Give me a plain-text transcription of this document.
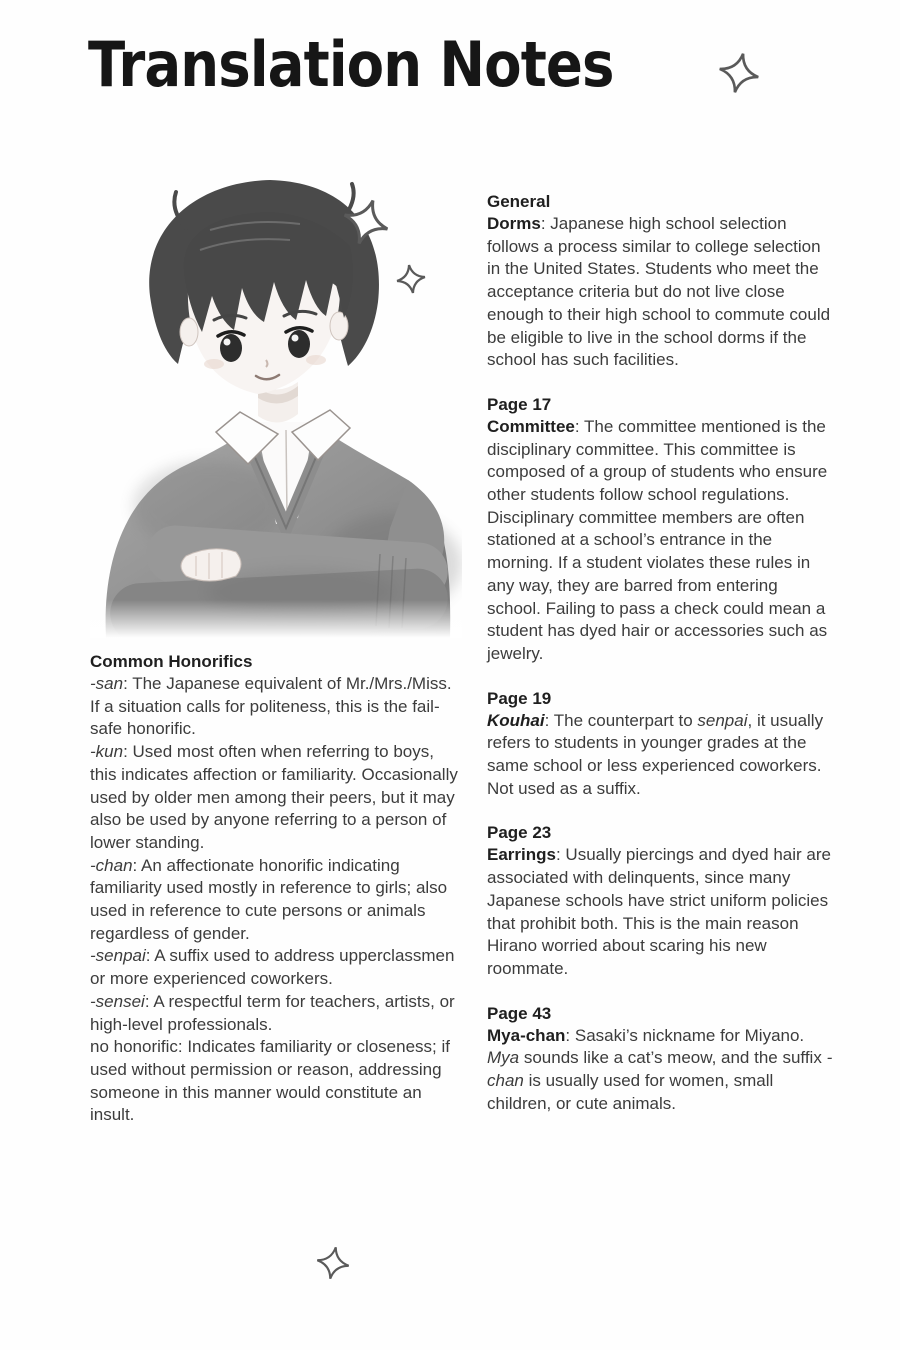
Translation Notes
Common Honorifics

-san: The Japanese equivalent of Mr./Mrs./Miss. If a situation calls for politeness, this is the fail-safe honorific.

-kun: Used most often when referring to boys, this indicates affection or familiarity. Occasionally used by older men among their peers, but it may also be used by anyone referring to a person of lower standing.

-chan: An affectionate honorific indicating familiarity used mostly in reference to girls; also used in reference to cute persons or animals regardless of gender.

-senpai: A suffix used to address upperclassmen or more experienced coworkers.

-sensei: A respectful term for teachers, artists, or high-level professionals.

no honorific: Indicates familiarity or closeness; if used without permission or reason, addressing someone in this manner would constitute an insult.

General

Dorms: Japanese high school selection follows a process similar to college selection in the United States. Students who meet the acceptance criteria but do not live close enough to their high school to commute could be eligible to live in the school dorms if the school has such facilities.

Page 17

Committee: The committee mentioned is the disciplinary committee. This committee is composed of a group of students who ensure other students follow school regulations. Disciplinary committee members are often stationed at a school’s entrance in the morning. If a student violates these rules in any way, they are barred from entering school. Failing to pass a check could mean a student has dyed hair or accessories such as jewelry.

Page 19

Kouhai: The counterpart to senpai, it usually refers to students in younger grades at the same school or less experienced coworkers. Not used as a suffix.

Page 23

Earrings: Usually piercings and dyed hair are associated with delinquents, since many Japanese schools have strict uniform policies that prohibit both. This is the main reason Hirano worried about scaring his new roommate.

Page 43

Mya-chan: Sasaki’s nickname for Miyano. Mya sounds like a cat’s meow, and the suffix -chan is usually used for women, small children, or cute animals.
